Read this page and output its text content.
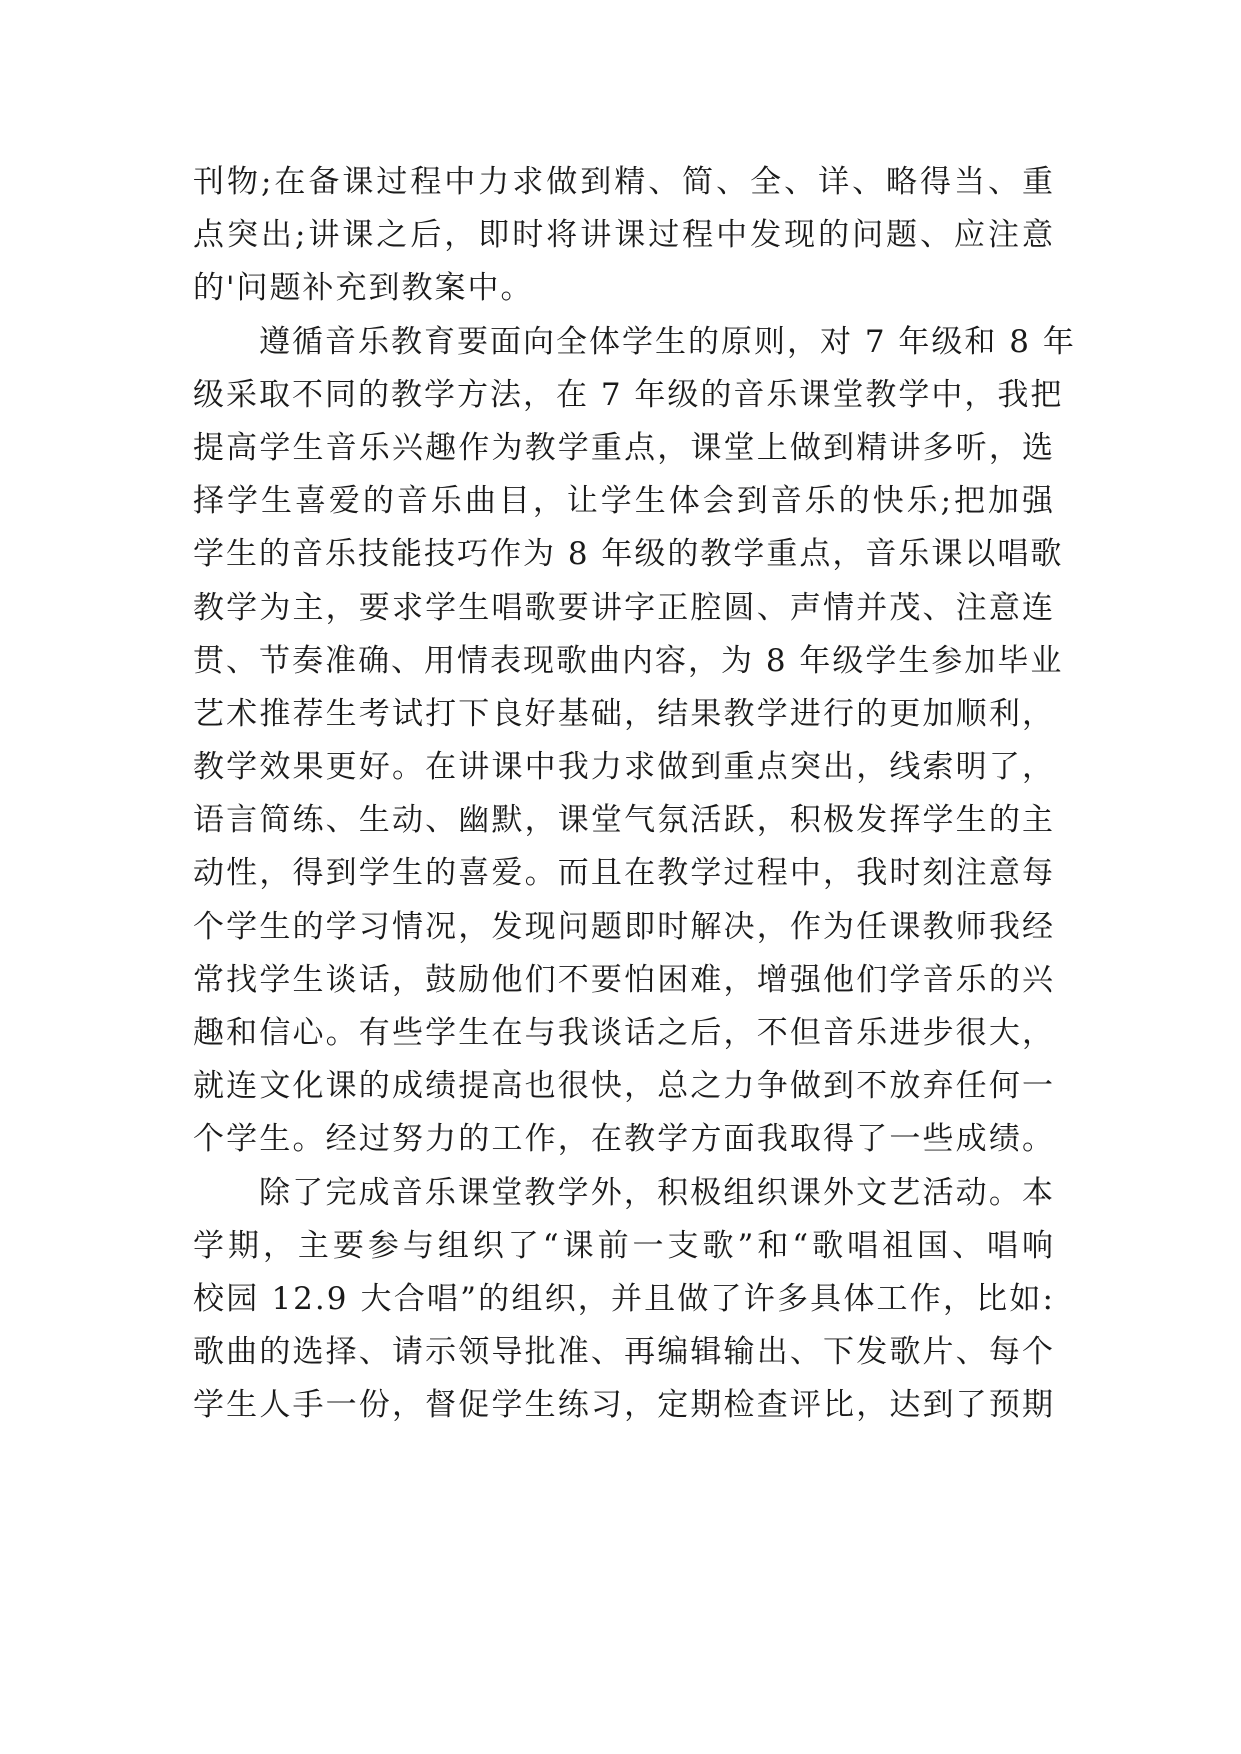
刊物;在备课过程中力求做到精、简、全、详、略得当、重
点突出;讲课之后，即时将讲课过程中发现的问题、应注意
的'问题补充到教案中。
遵循音乐教育要面向全体学生的原则，对 7 年级和 8 年
级采取不同的教学方法，在 7 年级的音乐课堂教学中，我把
提高学生音乐兴趣作为教学重点，课堂上做到精讲多听，选
择学生喜爱的音乐曲目，让学生体会到音乐的快乐;把加强
学生的音乐技能技巧作为 8 年级的教学重点，音乐课以唱歌
教学为主，要求学生唱歌要讲字正腔圆、声情并茂、注意连
贯、节奏准确、用情表现歌曲内容，为 8 年级学生参加毕业
艺术推荐生考试打下良好基础，结果教学进行的更加顺利，
教学效果更好。在讲课中我力求做到重点突出，线索明了，
语言简练、生动、幽默，课堂气氛活跃，积极发挥学生的主
动性，得到学生的喜爱。而且在教学过程中，我时刻注意每
个学生的学习情况，发现问题即时解决，作为任课教师我经
常找学生谈话，鼓励他们不要怕困难，增强他们学音乐的兴
趣和信心。有些学生在与我谈话之后，不但音乐进步很大，
就连文化课的成绩提高也很快，总之力争做到不放弃任何一
个学生。经过努力的工作，在教学方面我取得了一些成绩。
除了完成音乐课堂教学外，积极组织课外文艺活动。本
学期，主要参与组织了“课前一支歌”和“歌唱祖国、唱响
校园 12.9 大合唱”的组织，并且做了许多具体工作，比如:
歌曲的选择、请示领导批准、再编辑输出、下发歌片、每个
学生人手一份，督促学生练习，定期检查评比，达到了预期
